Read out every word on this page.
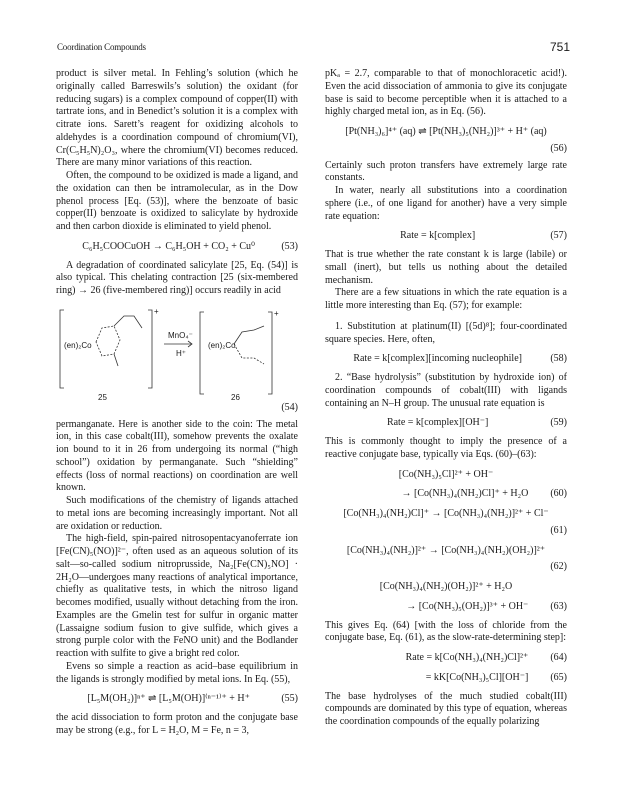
Coordination Compounds	751

product is silver metal. In Fehling’s solution (which he originally called Barreswils’s solution) the oxidant (for reducing sugars) is a complex compound of copper(II) with tartrate ions, and in Benedict’s solution it is a complex with citrate ions. Sarett’s reagent for oxidizing alcohols to aldehydes is a coordination compound of chromium(VI), Cr(C₅H₅N)₂O₃, where the chromium(VI) becomes reduced. There are many minor variations of this reaction.

Often, the compound to be oxidized is made a ligand, and the oxidation can then be intramolecular, as in the Dow phenol process [Eq. (53)], where the benzoate of basic copper(II) benzoate is oxidized to salicylate by hydroxide and then carbon dioxide is eliminated to yield phenol.

C₆H₅COOCuOH → C₆H₅OH + CO₂ + Cu⁰	(53)

A degradation of coordinated salicylate [25, Eq. (54)] is also typical. This chelating contraction [25 (six-membered ring) → 26 (five-membered ring)] occurs readily in acid

(en)₂Co
MnO₄⁻
H⁺
(en)₂Co
+	+
25	26
(54)

permanganate. Here is another side to the coin: The metal ion, in this case cobalt(III), somehow prevents the oxalate ion bound to it in 26 from undergoing its normal (“high school”) oxidation by permanganate. Such “shielding” effects (loss of normal reactions) on coordination are well known.

Such modifications of the chemistry of ligands attached to metal ions are becoming increasingly important. Not all are oxidation or reduction.

The high-field, spin-paired nitrosopentacyanoferrate ion [Fe(CN)₅(NO)]²⁻, often used as an aqueous solution of its salt—so-called sodium nitroprusside, Na₂[Fe(CN)₅NO] · 2H₂O—undergoes many reactions of analytical importance, chiefly as qualitative tests, in which the nitroso ligand becomes modified, usually without detaching from the iron. Examples are the Gmelin test for sulfur in organic matter (Lassaigne sodium fusion to give sulfide, which gives a strong purple color with the FeNO unit) and the Bodlander reaction with sulfite to give a bright red color.

Evens so simple a reaction as acid–base equilibrium in the ligands is strongly modified by metal ions. In Eq. (55),

[L₅M(OH₂)]ⁿ⁺ ⇌ [L₅M(OH)]⁽ⁿ⁻¹⁾⁺ + H⁺	(55)

the acid dissociation to form proton and the conjugate base may be strong (e.g., for L = H₂O, M = Fe, n = 3,

pKₐ = 2.7, comparable to that of monochloracetic acid!). Even the acid dissociation of ammonia to give its conjugate base is said to become perceptible when it is attached to a highly charged metal ion, as in Eq. (56).

[Pt(NH₃)₆]⁴⁺ (aq) ⇌ [Pt(NH₃)₅(NH₂)]³⁺ + H⁺ (aq)
(56)

Certainly such proton transfers have extremely large rate constants.

In water, nearly all substitutions into a coordination sphere (i.e., of one ligand for another) have a very simple rate equation:

Rate = k[complex]	(57)

That is true whether the rate constant k is large (labile) or small (inert), but tells us nothing about the detailed mechanism.

There are a few situations in which the rate equation is a little more interesting than Eq. (57); for example:

1. Substitution at platinum(II) [(5d)⁸]; four-coordinated square species. Here, often,

Rate = k[complex][incoming nucleophile]	(58)

2. “Base hydrolysis” (substitution by hydroxide ion) of coordination compounds of cobalt(III) with ligands containing an N–H group. The unusual rate equation is

Rate = k[complex][OH⁻]	(59)

This is commonly thought to imply the presence of a reactive conjugate base, typically via Eqs. (60)–(63):

[Co(NH₃)₅Cl]²⁺ + OH⁻
→ [Co(NH₃)₄(NH₂)Cl]⁺ + H₂O	(60)
[Co(NH₃)₄(NH₂)Cl]⁺ → [Co(NH₃)₄(NH₂)]²⁺ + Cl⁻
(61)
[Co(NH₃)₄(NH₂)]²⁺ → [Co(NH₃)₄(NH₂)(OH₂)]²⁺
(62)
[Co(NH₃)₄(NH₂)(OH₂)]²⁺ + H₂O
→ [Co(NH₃)₅(OH₂)]³⁺ + OH⁻	(63)

This gives Eq. (64) [with the loss of chloride from the conjugate base, Eq. (61), as the slow-rate-determining step]:

Rate = k[Co(NH₃)₄(NH₂)Cl]²⁺	(64)
= kK[Co(NH₃)₅Cl][OH⁻]	(65)

The base hydrolyses of the much studied cobalt(III) compounds are dominated by this type of equation, whereas the coordination compounds of the equally polarizing
